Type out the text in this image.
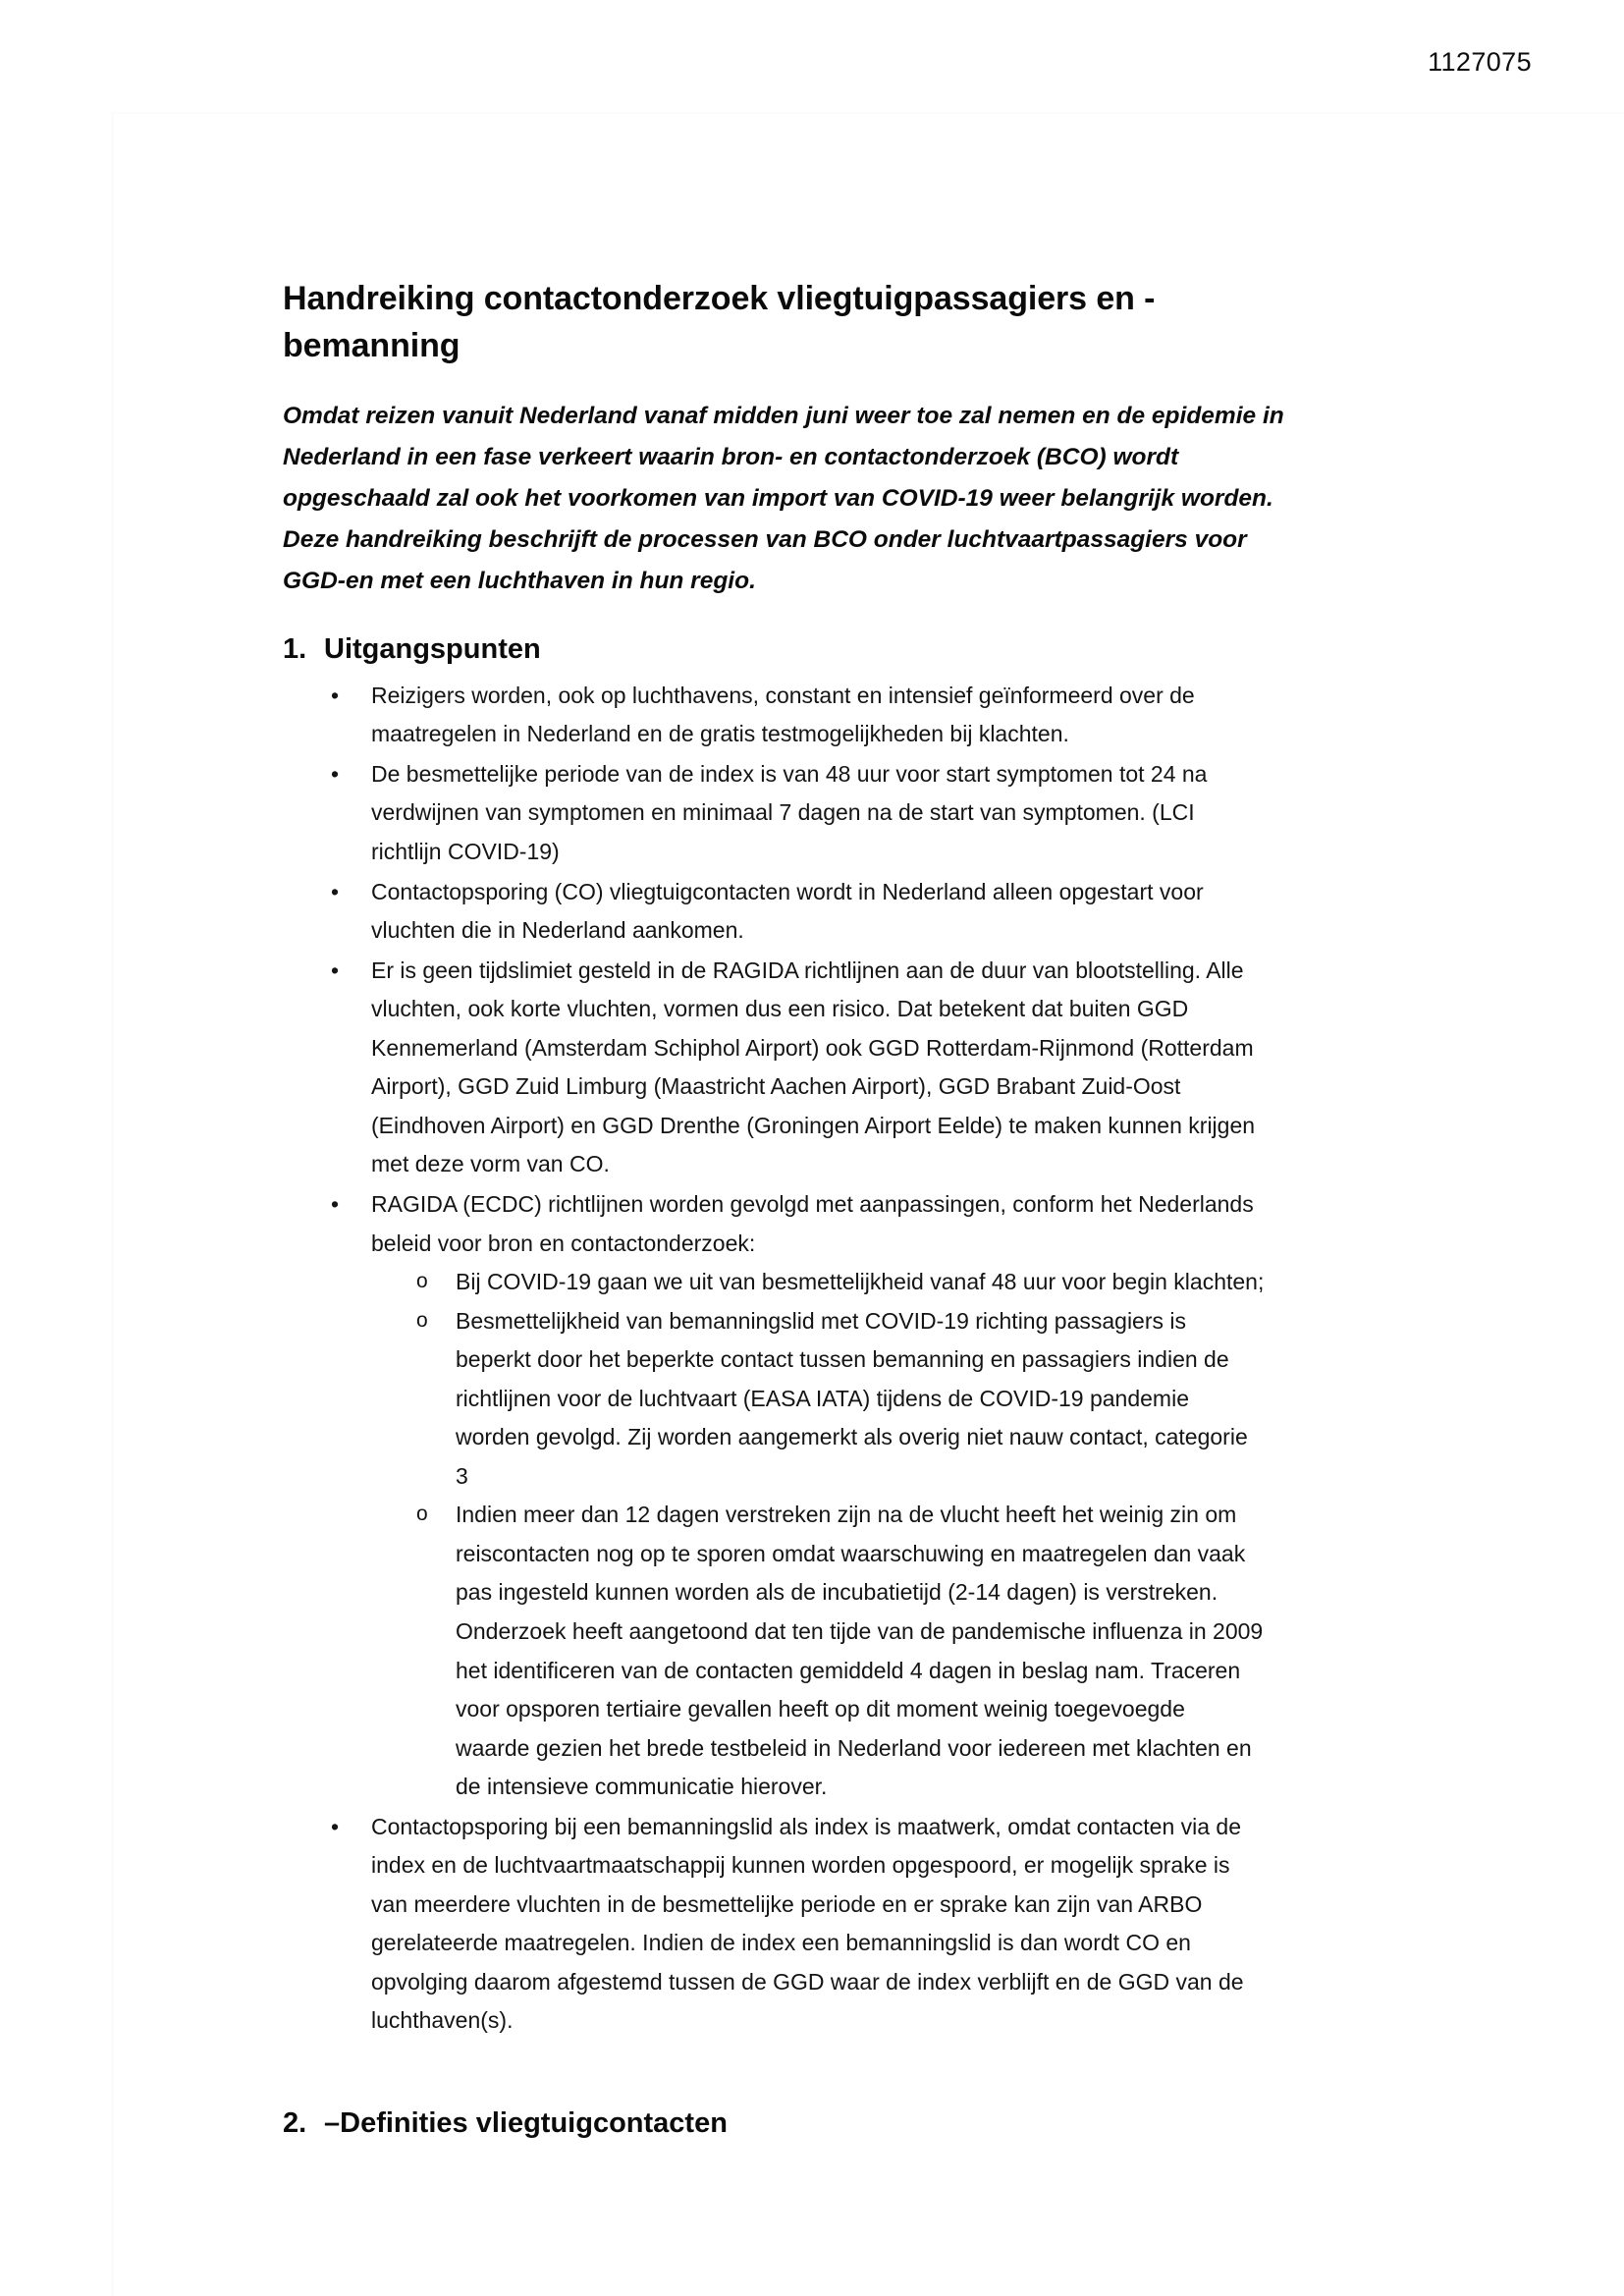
1127075
Handreiking contactonderzoek vliegtuigpassagiers en - bemanning

Omdat reizen vanuit Nederland vanaf midden juni weer toe zal nemen en de epidemie in Nederland in een fase verkeert waarin bron- en contactonderzoek (BCO) wordt opgeschaald zal ook het voorkomen van import van COVID-19 weer belangrijk worden. Deze handreiking beschrijft de processen van BCO onder luchtvaartpassagiers voor GGD-en met een luchthaven in hun regio.

1. Uitgangspunten
• Reizigers worden, ook op luchthavens, constant en intensief geïnformeerd over de maatregelen in Nederland en de gratis testmogelijkheden bij klachten.
• De besmettelijke periode van de index is van 48 uur voor start symptomen tot 24 na verdwijnen van symptomen en minimaal 7 dagen na de start van symptomen. (LCI richtlijn COVID-19)
• Contactopsporing (CO) vliegtuigcontacten wordt in Nederland alleen opgestart voor vluchten die in Nederland aankomen.
• Er is geen tijdslimiet gesteld in de RAGIDA richtlijnen aan de duur van blootstelling. Alle vluchten, ook korte vluchten, vormen dus een risico. Dat betekent dat buiten GGD Kennemerland (Amsterdam Schiphol Airport) ook GGD Rotterdam-Rijnmond (Rotterdam Airport), GGD Zuid Limburg (Maastricht Aachen Airport), GGD Brabant Zuid-Oost (Eindhoven Airport) en GGD Drenthe (Groningen Airport Eelde) te maken kunnen krijgen met deze vorm van CO.
• RAGIDA (ECDC) richtlijnen worden gevolgd met aanpassingen, conform het Nederlands beleid voor bron en contactonderzoek:
o Bij COVID-19 gaan we uit van besmettelijkheid vanaf 48 uur voor begin klachten;
o Besmettelijkheid van bemanningslid met COVID-19 richting passagiers is beperkt door het beperkte contact tussen bemanning en passagiers indien de richtlijnen voor de luchtvaart (EASA IATA) tijdens de COVID-19 pandemie worden gevolgd. Zij worden aangemerkt als overig niet nauw contact, categorie 3
o Indien meer dan 12 dagen verstreken zijn na de vlucht heeft het weinig zin om reiscontacten nog op te sporen omdat waarschuwing en maatregelen dan vaak pas ingesteld kunnen worden als de incubatietijd (2-14 dagen) is verstreken. Onderzoek heeft aangetoond dat ten tijde van de pandemische influenza in 2009 het identificeren van de contacten gemiddeld 4 dagen in beslag nam. Traceren voor opsporen tertiaire gevallen heeft op dit moment weinig toegevoegde waarde gezien het brede testbeleid in Nederland voor iedereen met klachten en de intensieve communicatie hierover.
• Contactopsporing bij een bemanningslid als index is maatwerk, omdat contacten via de index en de luchtvaartmaatschappij kunnen worden opgespoord, er mogelijk sprake is van meerdere vluchten in de besmettelijke periode en er sprake kan zijn van ARBO gerelateerde maatregelen. Indien de index een bemanningslid is dan wordt CO en opvolging daarom afgestemd tussen de GGD waar de index verblijft en de GGD van de luchthaven(s).
2. –Definities vliegtuigcontacten
